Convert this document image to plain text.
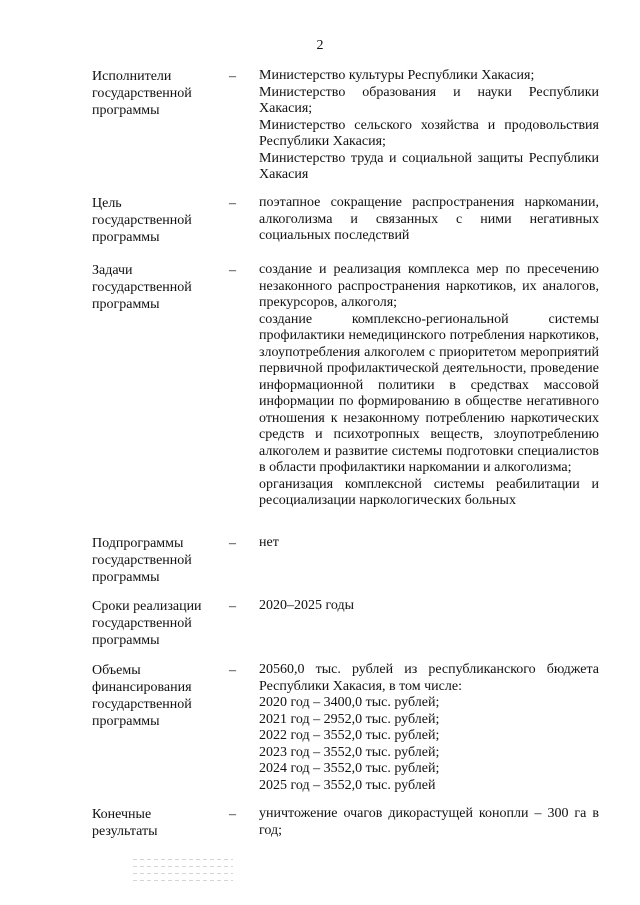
2
Исполнители
государственной
программы
– Министерство культуры Республики Хакасия;
Министерство образования и науки Республики Хакасия;
Министерство сельского хозяйства и продовольствия Республики Хакасия;
Министерство труда и социальной защиты Республики Хакасия
Цель
государственной
программы
– поэтапное сокращение распространения наркомании, алкоголизма и связанных с ними негативных социальных последствий
Задачи
государственной
программы
– создание и реализация комплекса мер по пресечению незаконного распространения наркотиков, их аналогов, прекурсоров, алкоголя;
создание комплексно-региональной системы профилактики немедицинского потребления наркотиков, злоупотребления алкоголем с приоритетом мероприятий первичной профилактической деятельности, проведение информационной политики в средствах массовой информации по формированию в обществе негативного отношения к незаконному потреблению наркотических средств и психотропных веществ, злоупотреблению алкоголем и развитие системы подготовки специалистов в области профилактики наркомании и алкоголизма;
организация комплексной системы реабилитации и ресоциализации наркологических больных
Подпрограммы
государственной
программы
– нет
Сроки реализации
государственной
программы
– 2020–2025 годы
Объемы
финансирования
государственной
программы
– 20560,0 тыс. рублей из республиканского бюджета Республики Хакасия, в том числе:
2020 год – 3400,0 тыс. рублей;
2021 год – 2952,0 тыс. рублей;
2022 год – 3552,0 тыс. рублей;
2023 год – 3552,0 тыс. рублей;
2024 год – 3552,0 тыс. рублей;
2025 год – 3552,0 тыс. рублей
Конечные
результаты
– уничтожение очагов дикорастущей конопли – 300 га в год;
